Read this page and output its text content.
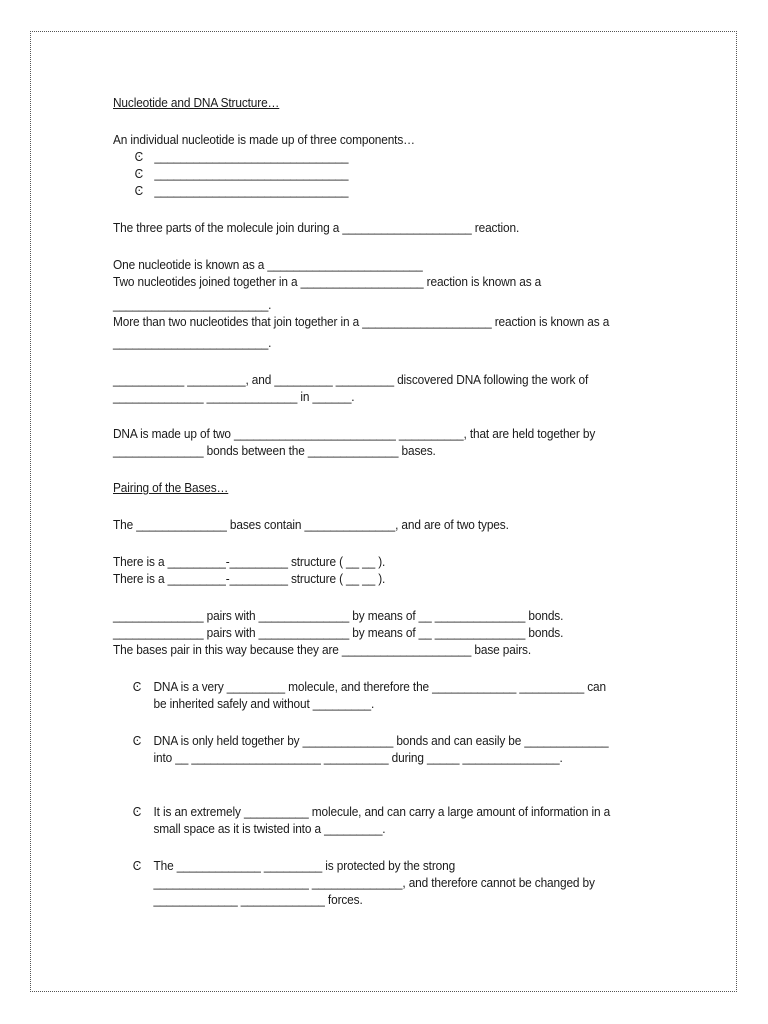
Nucleotide and DNA Structure…

An individual nucleotide is made up of three components…

Ͼ ______________________________
Ͼ ______________________________
Ͼ ______________________________

The three parts of the molecule join during a ____________________ reaction.

One nucleotide is known as a ________________________

Two nucleotides joined together in a ___________________ reaction is known as a

________________________.

More than two nucleotides that join together in a ____________________ reaction is known as a

________________________.

___________ _________, and _________ _________ discovered DNA following the work of

______________ ______________ in ______.

DNA is made up of two _________________________ __________, that are held together by

______________ bonds between the ______________ bases.

Pairing of the Bases…

The ______________ bases contain ______________, and are of two types.

There is a _________-_________ structure ( __ __ ).

There is a _________-_________ structure ( __ __ ).

______________ pairs with ______________ by means of __ ______________ bonds.

______________ pairs with ______________ by means of __ ______________ bonds.

The bases pair in this way because they are ____________________ base pairs.

Ͼ DNA is a very _________ molecule, and therefore the _____________ __________ can

be inherited safely and without _________.

Ͼ DNA is only held together by ______________ bonds and can easily be _____________

into __ ____________________ __________ during _____ _______________.

Ͼ It is an extremely __________ molecule, and can carry a large amount of information in a

small space as it is twisted into a _________.

Ͼ The _____________ _________ is protected by the strong

________________________ ______________, and therefore cannot be changed by

_____________ _____________ forces.
